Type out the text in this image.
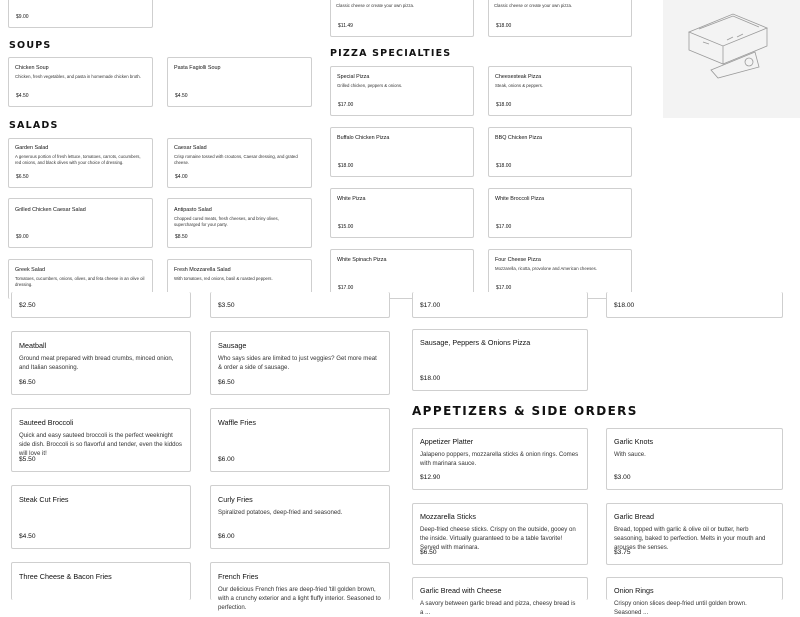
$9.00
Classic cheese or create your own pizza.
$11.49
Classic cheese or create your own pizza.
$18.00
SOUPS
PIZZA SPECIALTIES
Chicken Soup
Chicken, fresh vegetables, and pasta in homemade chicken broth.
$4.50
Pasta Fagiolli Soup
$4.50
SALADS
Garden Salad
A generous portion of fresh lettuce, tomatoes, carrots, cucumbers, red onions, and black olives with your choice of dressing.
$6.50
Caesar Salad
Crisp romaine tossed with croutons, Caesar dressing, and grated cheese.
$4.00
Grilled Chicken Caesar Salad
$9.00
Antipasto Salad
Chopped cured meats, fresh cheeses, and briny olives, supercharged for your party.
$8.50
Greek Salad
Tomatoes, cucumbers, onions, olives, and feta cheese in an olive oil dressing.
Fresh Mozzarella Salad
With tomatoes, red onions, basil & roasted peppers.
Special Pizza
Grilled chicken, peppers & onions.
$17.00
Cheesesteak Pizza
Steak, onions & peppers.
$18.00
Buffalo Chicken Pizza
$18.00
BBQ Chicken Pizza
$18.00
White Pizza
$15.00
White Broccoli Pizza
$17.00
White Spinach Pizza
$17.00
Four Cheese Pizza
Mozzarella, ricotta, provolone and American cheeses.
$17.00
$2.50	$3.50	$17.00	$18.00
Meatball
Ground meat prepared with bread crumbs, minced onion, and Italian seasoning.
$6.50
Sausage
Who says sides are limited to just veggies? Get more meat & order a side of sausage.
$6.50
Sausage, Peppers & Onions Pizza
$18.00
APPETIZERS & SIDE ORDERS
Sauteed Broccoli
Quick and easy sauteed broccoli is the perfect weeknight side dish. Broccoli is so flavorful and tender, even the kiddos will love it!
$5.50
Waffle Fries
$6.00
Appetizer Platter
Jalapeno poppers, mozzarella sticks & onion rings. Comes with marinara sauce.
$12.90
Garlic Knots
With sauce.
$3.00
Steak Cut Fries
$4.50
Curly Fries
Spiralized potatoes, deep-fried and seasoned.
$6.00
Mozzarella Sticks
Deep-fried cheese sticks. Crispy on the outside, gooey on the inside. Virtually guaranteed to be a table favorite! Served with marinara.
$6.50
Garlic Bread
Bread, topped with garlic & olive oil or butter, herb seasoning, baked to perfection. Melts in your mouth and arouses the senses.
$3.75
Three Cheese & Bacon Fries	French Fries
Our delicious French fries are deep-fried 'till golden brown, with a crunchy exterior and a light fluffy interior. Seasoned to perfection.
Garlic Bread with Cheese
A savory between garlic bread and pizza, cheesy bread is a ...
Onion Rings
Crispy onion slices deep-fried until golden brown. Seasoned ...
